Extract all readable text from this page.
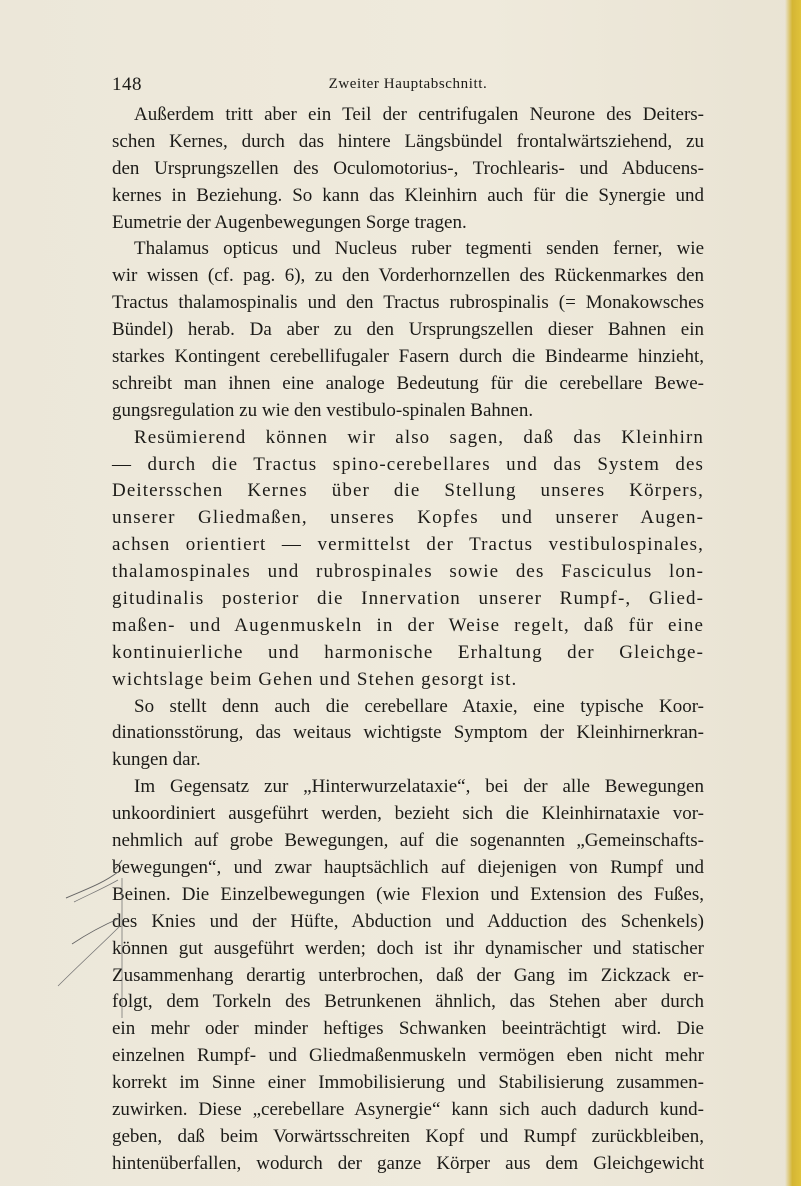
148	Zweiter Hauptabschnitt.
Außerdem tritt aber ein Teil der centrifugalen Neurone des Deiters-
schen Kernes, durch das hintere Längsbündel frontalwärtsziehend, zu
den Ursprungszellen des Oculomotorius-, Trochlearis- und Abducens-
kernes in Beziehung. So kann das Kleinhirn auch für die Synergie und
Eumetrie der Augenbewegungen Sorge tragen.
Thalamus opticus und Nucleus ruber tegmenti senden ferner, wie
wir wissen (cf. pag. 6), zu den Vorderhornzellen des Rückenmarkes den
Tractus thalamospinalis und den Tractus rubrospinalis (= Monakowsches
Bündel) herab. Da aber zu den Ursprungszellen dieser Bahnen ein
starkes Kontingent cerebellifugaler Fasern durch die Bindearme hinzieht,
schreibt man ihnen eine analoge Bedeutung für die cerebellare Bewe-
gungsregulation zu wie den vestibulo-spinalen Bahnen.
Resümierend können wir also sagen, daß das Kleinhirn
— durch die Tractus spino-cerebellares und das System des
Deitersschen Kernes über die Stellung unseres Körpers,
unserer Gliedmaßen, unseres Kopfes und unserer Augen-
achsen orientiert — vermittelst der Tractus vestibulospinales,
thalamospinales und rubrospinales sowie des Fasciculus lon-
gitudinalis posterior die Innervation unserer Rumpf-, Glied-
maßen- und Augenmuskeln in der Weise regelt, daß für eine
kontinuierliche und harmonische Erhaltung der Gleichge-
wichtslage beim Gehen und Stehen gesorgt ist.
So stellt denn auch die cerebellare Ataxie, eine typische Koor-
dinationsstörung, das weitaus wichtigste Symptom der Kleinhirnerkran-
kungen dar.
Im Gegensatz zur „Hinterwurzelataxie“, bei der alle Bewegungen
unkoordiniert ausgeführt werden, bezieht sich die Kleinhirnataxie vor-
nehmlich auf grobe Bewegungen, auf die sogenannten „Gemeinschafts-
bewegungen“, und zwar hauptsächlich auf diejenigen von Rumpf und
Beinen. Die Einzelbewegungen (wie Flexion und Extension des Fußes,
des Knies und der Hüfte, Abduction und Adduction des Schenkels)
können gut ausgeführt werden; doch ist ihr dynamischer und statischer
Zusammenhang derartig unterbrochen, daß der Gang im Zickzack er-
folgt, dem Torkeln des Betrunkenen ähnlich, das Stehen aber durch
ein mehr oder minder heftiges Schwanken beeinträchtigt wird. Die
einzelnen Rumpf- und Gliedmaßenmuskeln vermögen eben nicht mehr
korrekt im Sinne einer Immobilisierung und Stabilisierung zusammen-
zuwirken. Diese „cerebellare Asynergie“ kann sich auch dadurch kund-
geben, daß beim Vorwärtsschreiten Kopf und Rumpf zurückbleiben,
hintenüberfallen, wodurch der ganze Körper aus dem Gleichgewicht
